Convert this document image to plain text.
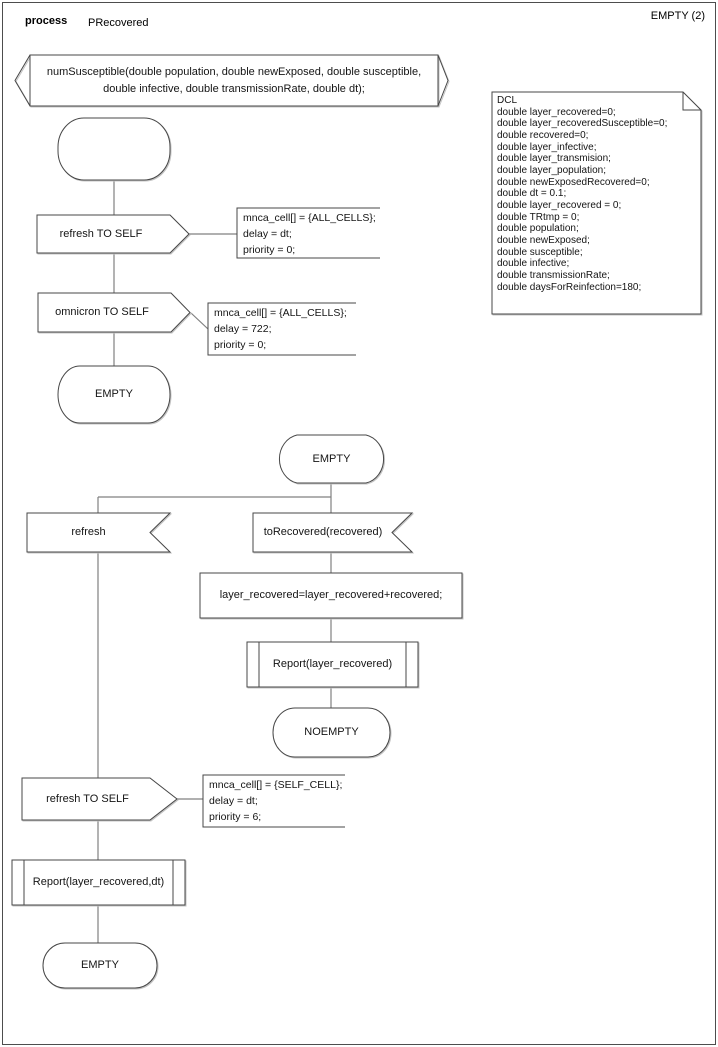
process PRecovered
EMPTY (2)
numSusceptible(double population, double newExposed, double susceptible,
double infective, double transmissionRate, double dt);
refresh TO SELF
mnca_cell[] = {ALL_CELLS};
delay = dt;
priority = 0;
omnicron TO SELF	mnca_cell[] = {ALL_CELLS};
delay = 722;
priority = 0;
EMPTY
DCL
double layer_recovered=0;
double layer_recoveredSusceptible=0;
double recovered=0;
double layer_infective;
double layer_transmision;
double layer_population;
double newExposedRecovered=0;
double dt = 0.1;
double layer_recovered = 0;
double TRtmp = 0;
double population;
double newExposed;
double susceptible;
double infective;
double transmissionRate;
double daysForReinfection=180;
EMPTY
refresh	toRecovered(recovered)
layer_recovered=layer_recovered+recovered;
Report(layer_recovered)
NOEMPTY
refresh TO SELF
mnca_cell[] = {SELF_CELL};
delay = dt;
priority = 6;
Report(layer_recovered,dt)
EMPTY
